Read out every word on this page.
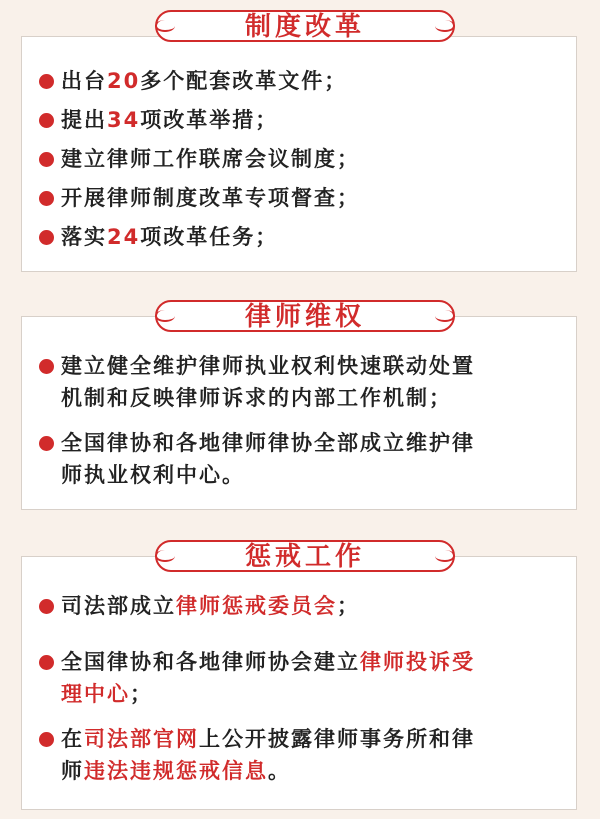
制度改革
出台20多个配套改革文件；
提出34项改革举措；
建立律师工作联席会议制度；
开展律师制度改革专项督查；
落实24项改革任务；
律师维权
建立健全维护律师执业权利快速联动处置
机制和反映律师诉求的内部工作机制；
全国律协和各地律师律协全部成立维护律
师执业权利中心。
惩戒工作
司法部成立律师惩戒委员会；
全国律协和各地律师协会建立律师投诉受
理中心；
在司法部官网上公开披露律师事务所和律
师违法违规惩戒信息。
